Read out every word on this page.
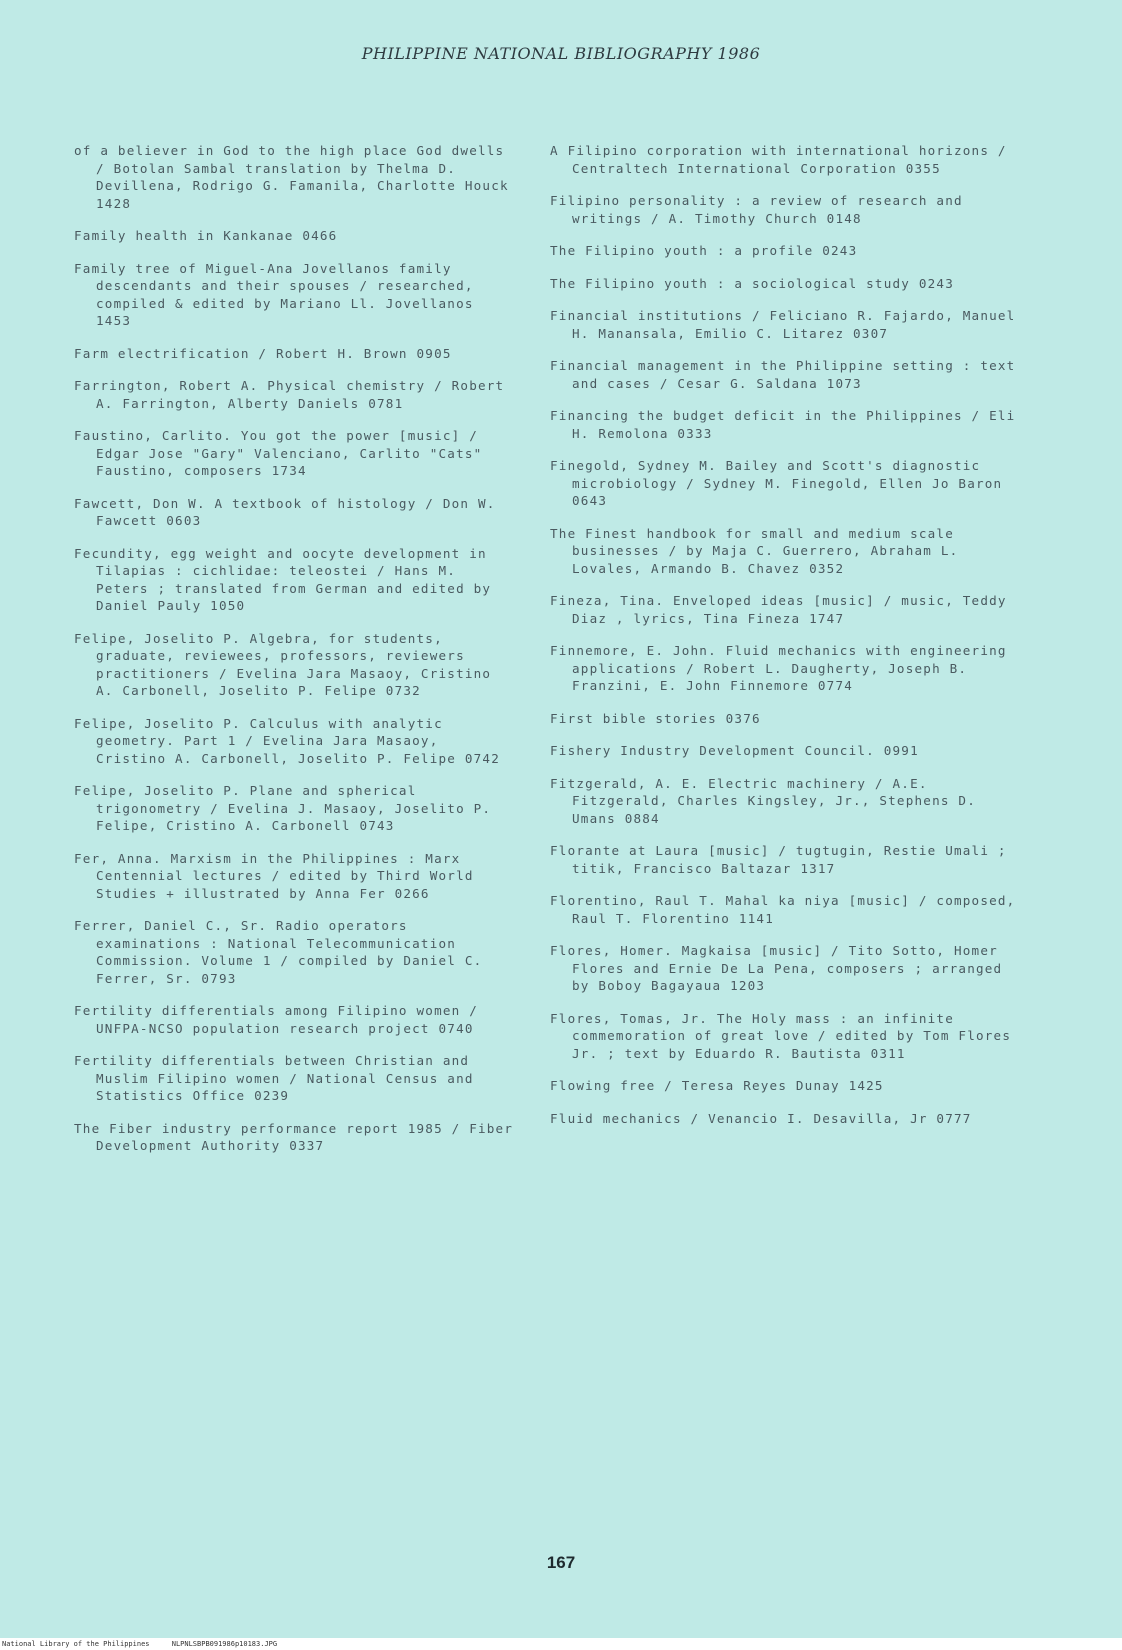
PHILIPPINE NATIONAL BIBLIOGRAPHY 1986
of a believer in God to the high place God dwells / Botolan Sambal translation by Thelma D. Devillena, Rodrigo G. Famanila, Charlotte Houck 1428
Family health in Kankanae 0466
Family tree of Miguel-Ana Jovellanos family descendants and their spouses / researched, compiled & edited by Mariano Ll. Jovellanos 1453
Farm electrification / Robert H. Brown 0905
Farrington, Robert A. Physical chemistry / Robert A. Farrington, Alberty Daniels 0781
Faustino, Carlito. You got the power [music] / Edgar Jose "Gary" Valenciano, Carlito "Cats" Faustino, composers 1734
Fawcett, Don W. A textbook of histology / Don W. Fawcett 0603
Fecundity, egg weight and oocyte development in Tilapias : cichlidae: teleostei / Hans M. Peters ; translated from German and edited by Daniel Pauly 1050
Felipe, Joselito P. Algebra, for students, graduate, reviewees, professors, reviewers practitioners / Evelina Jara Masaoy, Cristino A. Carbonell, Joselito P. Felipe 0732
Felipe, Joselito P. Calculus with analytic geometry. Part 1 / Evelina Jara Masaoy, Cristino A. Carbonell, Joselito P. Felipe 0742
Felipe, Joselito P. Plane and spherical trigonometry / Evelina J. Masaoy, Joselito P. Felipe, Cristino A. Carbonell 0743
Fer, Anna. Marxism in the Philippines : Marx Centennial lectures / edited by Third World Studies + illustrated by Anna Fer 0266
Ferrer, Daniel C., Sr. Radio operators examinations : National Telecommunication Commission. Volume 1 / compiled by Daniel C. Ferrer, Sr. 0793
Fertility differentials among Filipino women / UNFPA-NCSO population research project 0740
Fertility differentials between Christian and Muslim Filipino women / National Census and Statistics Office 0239
The Fiber industry performance report 1985 / Fiber Development Authority 0337
A Filipino corporation with international horizons / Centraltech International Corporation 0355
Filipino personality : a review of research and writings / A. Timothy Church 0148
The Filipino youth : a profile 0243
The Filipino youth : a sociological study 0243
Financial institutions / Feliciano R. Fajardo, Manuel H. Manansala, Emilio C. Litarez 0307
Financial management in the Philippine setting : text and cases / Cesar G. Saldana 1073
Financing the budget deficit in the Philippines / Eli H. Remolona 0333
Finegold, Sydney M. Bailey and Scott's diagnostic microbiology / Sydney M. Finegold, Ellen Jo Baron 0643
The Finest handbook for small and medium scale businesses / by Maja C. Guerrero, Abraham L. Lovales, Armando B. Chavez 0352
Fineza, Tina. Enveloped ideas [music] / music, Teddy Diaz , lyrics, Tina Fineza 1747
Finnemore, E. John. Fluid mechanics with engineering applications / Robert L. Daugherty, Joseph B. Franzini, E. John Finnemore 0774
First bible stories 0376
Fishery Industry Development Council. 0991
Fitzgerald, A. E. Electric machinery / A.E. Fitzgerald, Charles Kingsley, Jr., Stephens D. Umans 0884
Florante at Laura [music] / tugtugin, Restie Umali ; titik, Francisco Baltazar 1317
Florentino, Raul T. Mahal ka niya [music] / composed, Raul T. Florentino 1141
Flores, Homer. Magkaisa [music] / Tito Sotto, Homer Flores and Ernie De La Pena, composers ; arranged by Boboy Bagayaua 1203
Flores, Tomas, Jr. The Holy mass : an infinite commemoration of great love / edited by Tom Flores Jr. ; text by Eduardo R. Bautista 0311
Flowing free / Teresa Reyes Dunay 1425
Fluid mechanics / Venancio I. Desavilla, Jr 0777
167
National Library of the Philippines	NLPNLSBPB091986p10183.JPG
